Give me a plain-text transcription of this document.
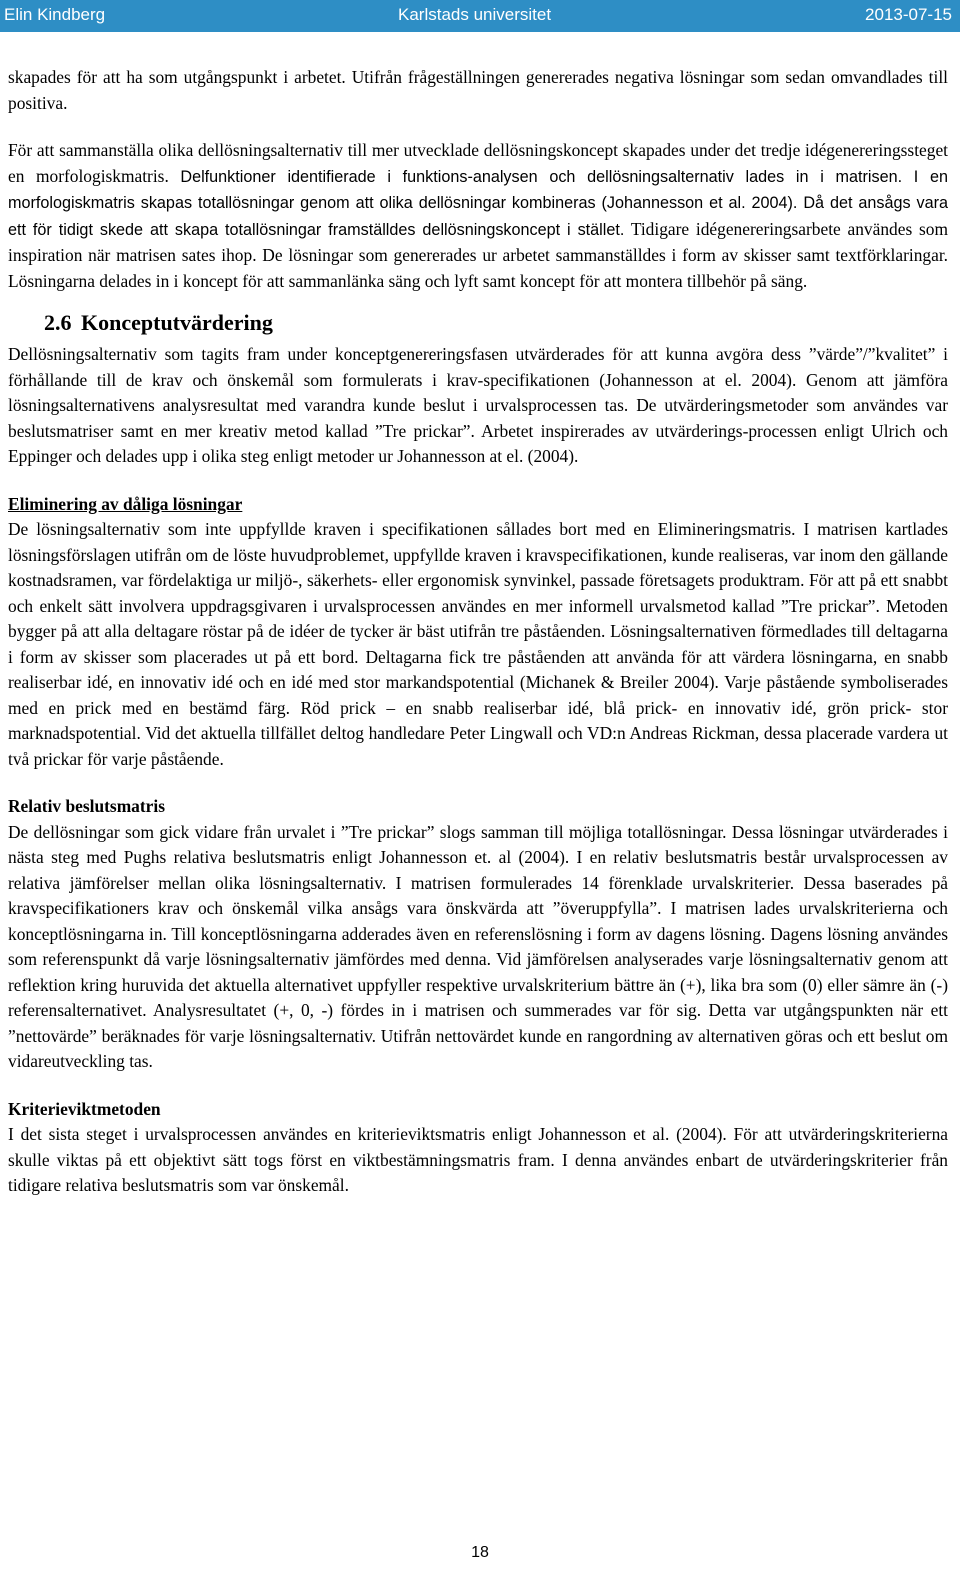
Elin Kindberg	Karlstads universitet	2013-07-15

skapades för att ha som utgångspunkt i arbetet. Utifrån frågeställningen genererades negativa lösningar som sedan omvandlades till positiva.

För att sammanställa olika dellösningsalternativ till mer utvecklade dellösningskoncept skapades under det tredje idégenereringssteget en morfologiskmatris. Delfunktioner identifierade i funktions-analysen och dellösningsalternativ lades in i matrisen. I en morfologiskmatris skapas totallösningar genom att olika dellösningar kombineras (Johannesson et al. 2004). Då det ansågs vara ett för tidigt skede att skapa totallösningar framställdes dellösningskoncept i stället. Tidigare idégenereringsarbete användes som inspiration när matrisen sates ihop. De lösningar som genererades ur arbetet sammanställdes i form av skisser samt textförklaringar. Lösningarna delades in i koncept för att sammanlänka säng och lyft samt koncept för att montera tillbehör på säng.

2.6 Konceptutvärdering

Dellösningsalternativ som tagits fram under konceptgenereringsfasen utvärderades för att kunna avgöra dess ”värde”/”kvalitet” i förhållande till de krav och önskemål som formulerats i krav-specifikationen (Johannesson at el. 2004). Genom att jämföra lösningsalternativens analysresultat med varandra kunde beslut i urvalsprocessen tas. De utvärderingsmetoder som användes var beslutsmatriser samt en mer kreativ metod kallad ”Tre prickar”. Arbetet inspirerades av utvärderings-processen enligt Ulrich och Eppinger och delades upp i olika steg enligt metoder ur Johannesson at el. (2004).

Eliminering av dåliga lösningar

De lösningsalternativ som inte uppfyllde kraven i specifikationen sållades bort med en Elimineringsmatris. I matrisen kartlades lösningsförslagen utifrån om de löste huvudproblemet, uppfyllde kraven i kravspecifikationen, kunde realiseras, var inom den gällande kostnadsramen, var fördelaktiga ur miljö-, säkerhets- eller ergonomisk synvinkel, passade företsagets produktram. För att på ett snabbt och enkelt sätt involvera uppdragsgivaren i urvalsprocessen användes en mer informell urvalsmetod kallad ”Tre prickar”. Metoden bygger på att alla deltagare röstar på de idéer de tycker är bäst utifrån tre påståenden. Lösningsalternativen förmedlades till deltagarna i form av skisser som placerades ut på ett bord. Deltagarna fick tre påståenden att använda för att värdera lösningarna, en snabb realiserbar idé, en innovativ idé och en idé med stor markandspotential (Michanek & Breiler 2004). Varje påstående symboliserades med en prick med en bestämd färg. Röd prick – en snabb realiserbar idé, blå prick- en innovativ idé, grön prick- stor marknadspotential. Vid det aktuella tillfället deltog handledare Peter Lingwall och VD:n Andreas Rickman, dessa placerade vardera ut två prickar för varje påstående.

Relativ beslutsmatris

De dellösningar som gick vidare från urvalet i ”Tre prickar” slogs samman till möjliga totallösningar. Dessa lösningar utvärderades i nästa steg med Pughs relativa beslutsmatris enligt Johannesson et. al (2004). I en relativ beslutsmatris består urvalsprocessen av relativa jämförelser mellan olika lösningsalternativ. I matrisen formulerades 14 förenklade urvalskriterier. Dessa baserades på kravspecifikationers krav och önskemål vilka ansågs vara önskvärda att ”överuppfylla”. I matrisen lades urvalskriterierna och konceptlösningarna in. Till konceptlösningarna adderades även en referenslösning i form av dagens lösning. Dagens lösning användes som referenspunkt då varje lösningsalternativ jämfördes med denna. Vid jämförelsen analyserades varje lösningsalternativ genom att reflektion kring huruvida det aktuella alternativet uppfyller respektive urvalskriterium bättre än (+), lika bra som (0) eller sämre än (-) referensalternativet. Analysresultatet (+, 0, -) fördes in i matrisen och summerades var för sig. Detta var utgångspunkten när ett ”nettovärde” beräknades för varje lösningsalternativ. Utifrån nettovärdet kunde en rangordning av alternativen göras och ett beslut om vidareutveckling tas.

Kriterieviktmetoden

I det sista steget i urvalsprocessen användes en kriterieviktsmatris enligt Johannesson et al. (2004). För att utvärderingskriterierna skulle viktas på ett objektivt sätt togs först en viktbestämningsmatris fram. I denna användes enbart de utvärderingskriterier från tidigare relativa beslutsmatris som var önskemål.

18
